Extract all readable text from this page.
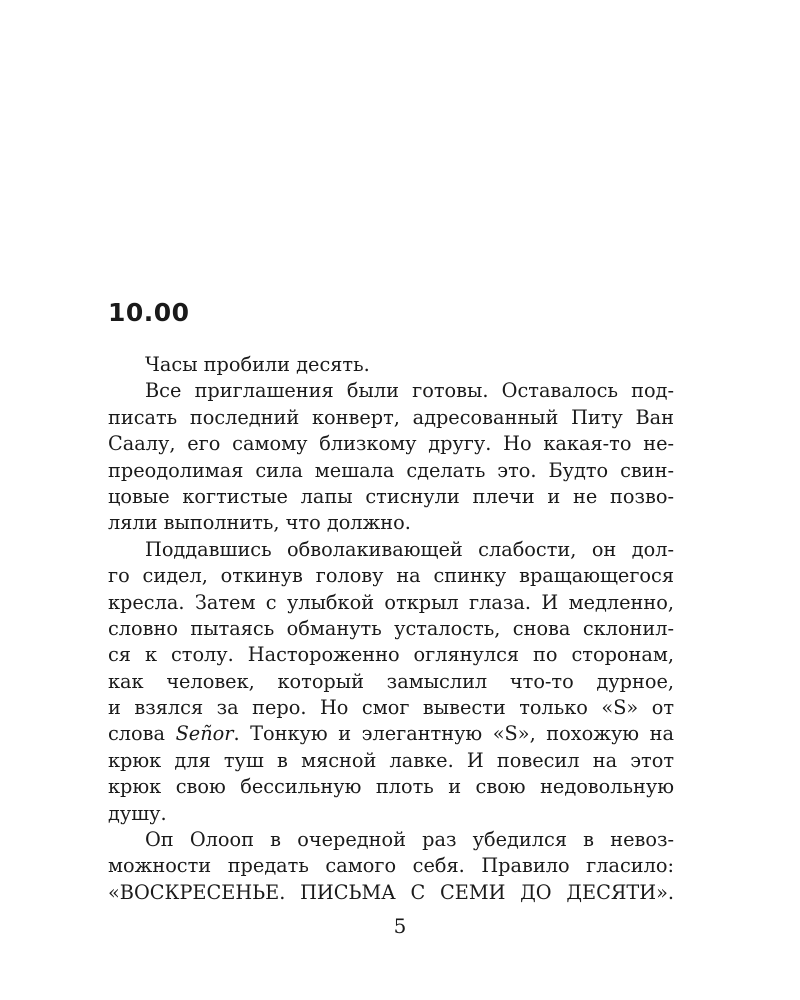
10.00
Часы пробили десять.
Все приглашения были готовы. Оставалось под-
писать последний конверт, адресованный Питу Ван
Саалу, его самому близкому другу. Но какая-то не-
преодолимая сила мешала сделать это. Будто свин-
цовые когтистые лапы стиснули плечи и не позво-
ляли выполнить, что должно.
Поддавшись обволакивающей слабости, он дол-
го сидел, откинув голову на спинку вращающегося
кресла. Затем с улыбкой открыл глаза. И медленно,
словно пытаясь обмануть усталость, снова склонил-
ся к столу. Настороженно оглянулся по сторонам,
как человек, который замыслил что-то дурное,
и взялся за перо. Но смог вывести только «S» от
слова Señor. Тонкую и элегантную «S», похожую на
крюк для туш в мясной лавке. И повесил на этот
крюк свою бессильную плоть и свою недовольную
душу.
Оп Олооп в очередной раз убедился в невоз-
можности предать самого себя. Правило гласило:
«ВОСКРЕСЕНЬЕ. ПИСЬМА С СЕМИ ДО ДЕСЯТИ».
5
